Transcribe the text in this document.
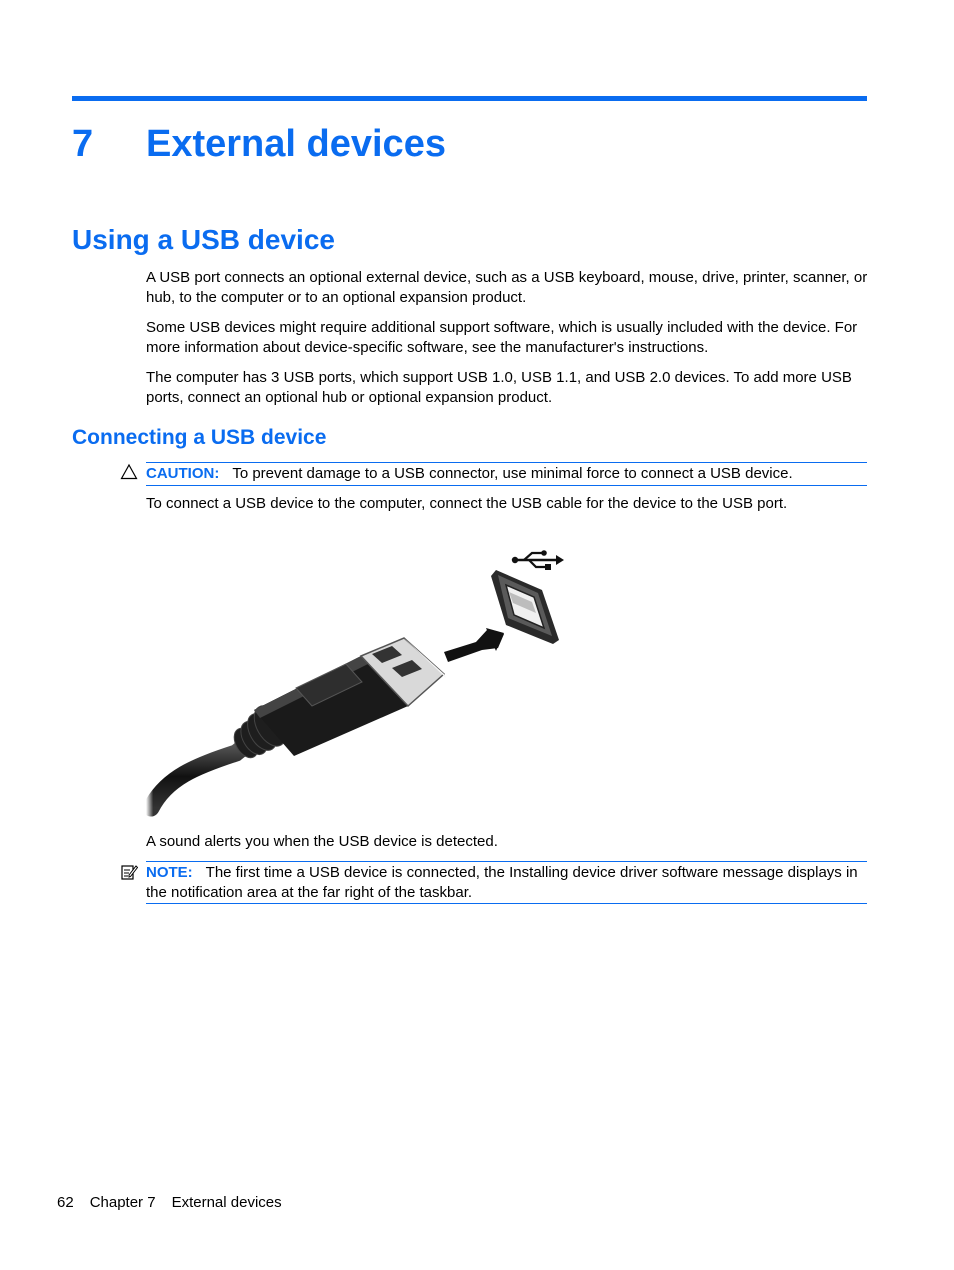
7 External devices
Using a USB device
A USB port connects an optional external device, such as a USB keyboard, mouse, drive, printer, scanner, or hub, to the computer or to an optional expansion product.
Some USB devices might require additional support software, which is usually included with the device. For more information about device-specific software, see the manufacturer's instructions.
The computer has 3 USB ports, which support USB 1.0, USB 1.1, and USB 2.0 devices. To add more USB ports, connect an optional hub or optional expansion product.
Connecting a USB device
CAUTION: To prevent damage to a USB connector, use minimal force to connect a USB device.
To connect a USB device to the computer, connect the USB cable for the device to the USB port.
A sound alerts you when the USB device is detected.
NOTE: The first time a USB device is connected, the Installing device driver software message displays in the notification area at the far right of the taskbar.
62 Chapter 7 External devices
